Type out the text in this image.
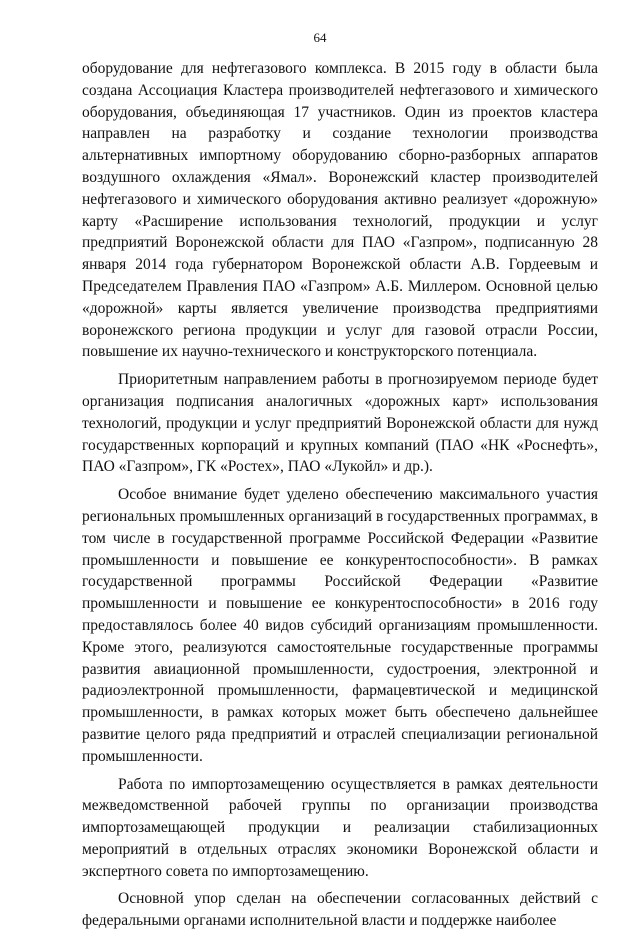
64

оборудование для нефтегазового комплекса. В 2015 году в области была создана Ассоциация Кластера производителей нефтегазового и химического оборудования, объединяющая 17 участников. Один из проектов кластера направлен на разработку и создание технологии производства альтернативных импортному оборудованию сборно-разборных аппаратов воздушного охлаждения «Ямал». Воронежский кластер производителей нефтегазового и химического оборудования активно реализует «дорожную» карту «Расширение использования технологий, продукции и услуг предприятий Воронежской области для ПАО «Газпром», подписанную 28 января 2014 года губернатором Воронежской области А.В. Гордеевым и Председателем Правления ПАО «Газпром» А.Б. Миллером. Основной целью «дорожной» карты является увеличение производства предприятиями воронежского региона продукции и услуг для газовой отрасли России, повышение их научно-технического и конструкторского потенциала.

Приоритетным направлением работы в прогнозируемом периоде будет организация подписания аналогичных «дорожных карт» использования технологий, продукции и услуг предприятий Воронежской области для нужд государственных корпораций и крупных компаний (ПАО «НК «Роснефть», ПАО «Газпром», ГК «Ростех», ПАО «Лукойл» и др.).

Особое внимание будет уделено обеспечению максимального участия региональных промышленных организаций в государственных программах, в том числе в государственной программе Российской Федерации «Развитие промышленности и повышение ее конкурентоспособности». В рамках государственной программы Российской Федерации «Развитие промышленности и повышение ее конкурентоспособности» в 2016 году предоставлялось более 40 видов субсидий организациям промышленности. Кроме этого, реализуются самостоятельные государственные программы развития авиационной промышленности, судостроения, электронной и радиоэлектронной промышленности, фармацевтической и медицинской промышленности, в рамках которых может быть обеспечено дальнейшее развитие целого ряда предприятий и отраслей специализации региональной промышленности.

Работа по импортозамещению осуществляется в рамках деятельности межведомственной рабочей группы по организации производства импортозамещающей продукции и реализации стабилизационных мероприятий в отдельных отраслях экономики Воронежской области и экспертного совета по импортозамещению.

Основной упор сделан на обеспечении согласованных действий с федеральными органами исполнительной власти и поддержке наиболее
